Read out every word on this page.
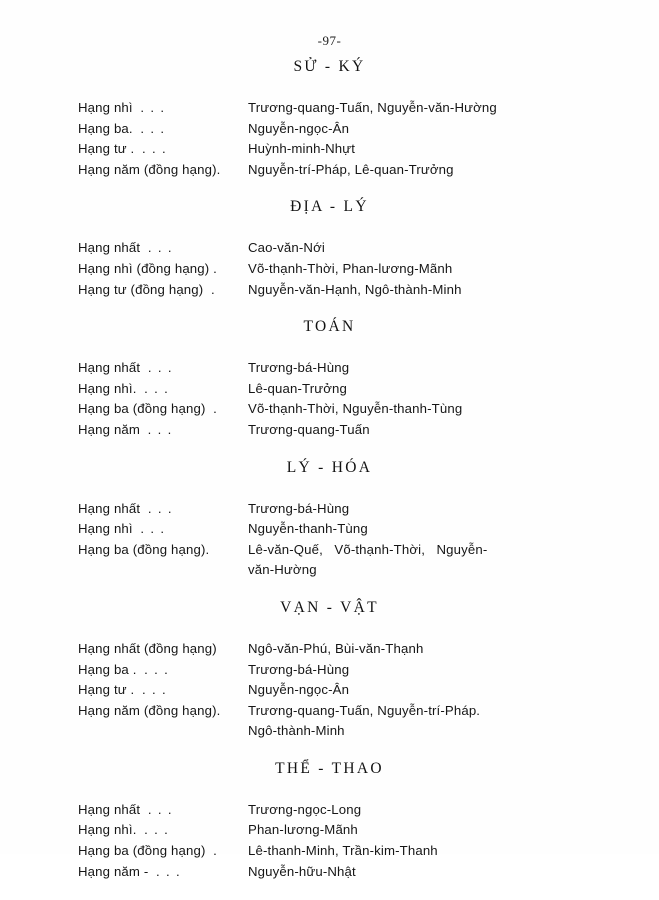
-97-
SỬ - KÝ
Hạng nhì  .  .  .	Trương-quang-Tuấn, Nguyễn-văn-Hường
Hạng ba.  .  .  .	Nguyễn-ngọc-Ân
Hạng tư .  .  .  .	Huỳnh-minh-Nhựt
Hạng năm (đồng hạng).	Nguyễn-trí-Pháp, Lê-quan-Trưởng
ĐỊA - LÝ
Hạng nhất  .  .  .	Cao-văn-Nới
Hạng nhì (đồng hạng) .	Võ-thạnh-Thời, Phan-lương-Mãnh
Hạng tư (đồng hạng)  .	Nguyễn-văn-Hạnh, Ngô-thành-Minh
TOÁN
Hạng nhất  .  .  .	Trương-bá-Hùng
Hạng nhì.  .  .  .	Lê-quan-Trưởng
Hạng ba (đồng hạng)  .	Võ-thạnh-Thời, Nguyễn-thanh-Tùng
Hạng năm  .  .  .	Trương-quang-Tuấn
LÝ - HÓA
Hạng nhất  .  .  .	Trương-bá-Hùng
Hạng nhì  .  .  .	Nguyễn-thanh-Tùng
Hạng ba (đồng hạng).	Lê-văn-Quế,   Võ-thạnh-Thời,   Nguyễn-
văn-Hường
VẠN - VẬT
Hạng nhất (đồng hạng)	Ngô-văn-Phú, Bùi-văn-Thạnh
Hạng ba .  .  .  .	Trương-bá-Hùng
Hạng tư .  .  .  .	Nguyễn-ngọc-Ân
Hạng năm (đồng hạng).	Trương-quang-Tuấn, Nguyễn-trí-Pháp.
Ngô-thành-Minh
THỂ - THAO
Hạng nhất  .  .  .	Trương-ngọc-Long
Hạng nhì.  .  .  .	Phan-lương-Mãnh
Hạng ba (đồng hạng)  .	Lê-thanh-Minh, Trần-kim-Thanh
Hạng năm -  .  .  .	Nguyễn-hữu-Nhật
